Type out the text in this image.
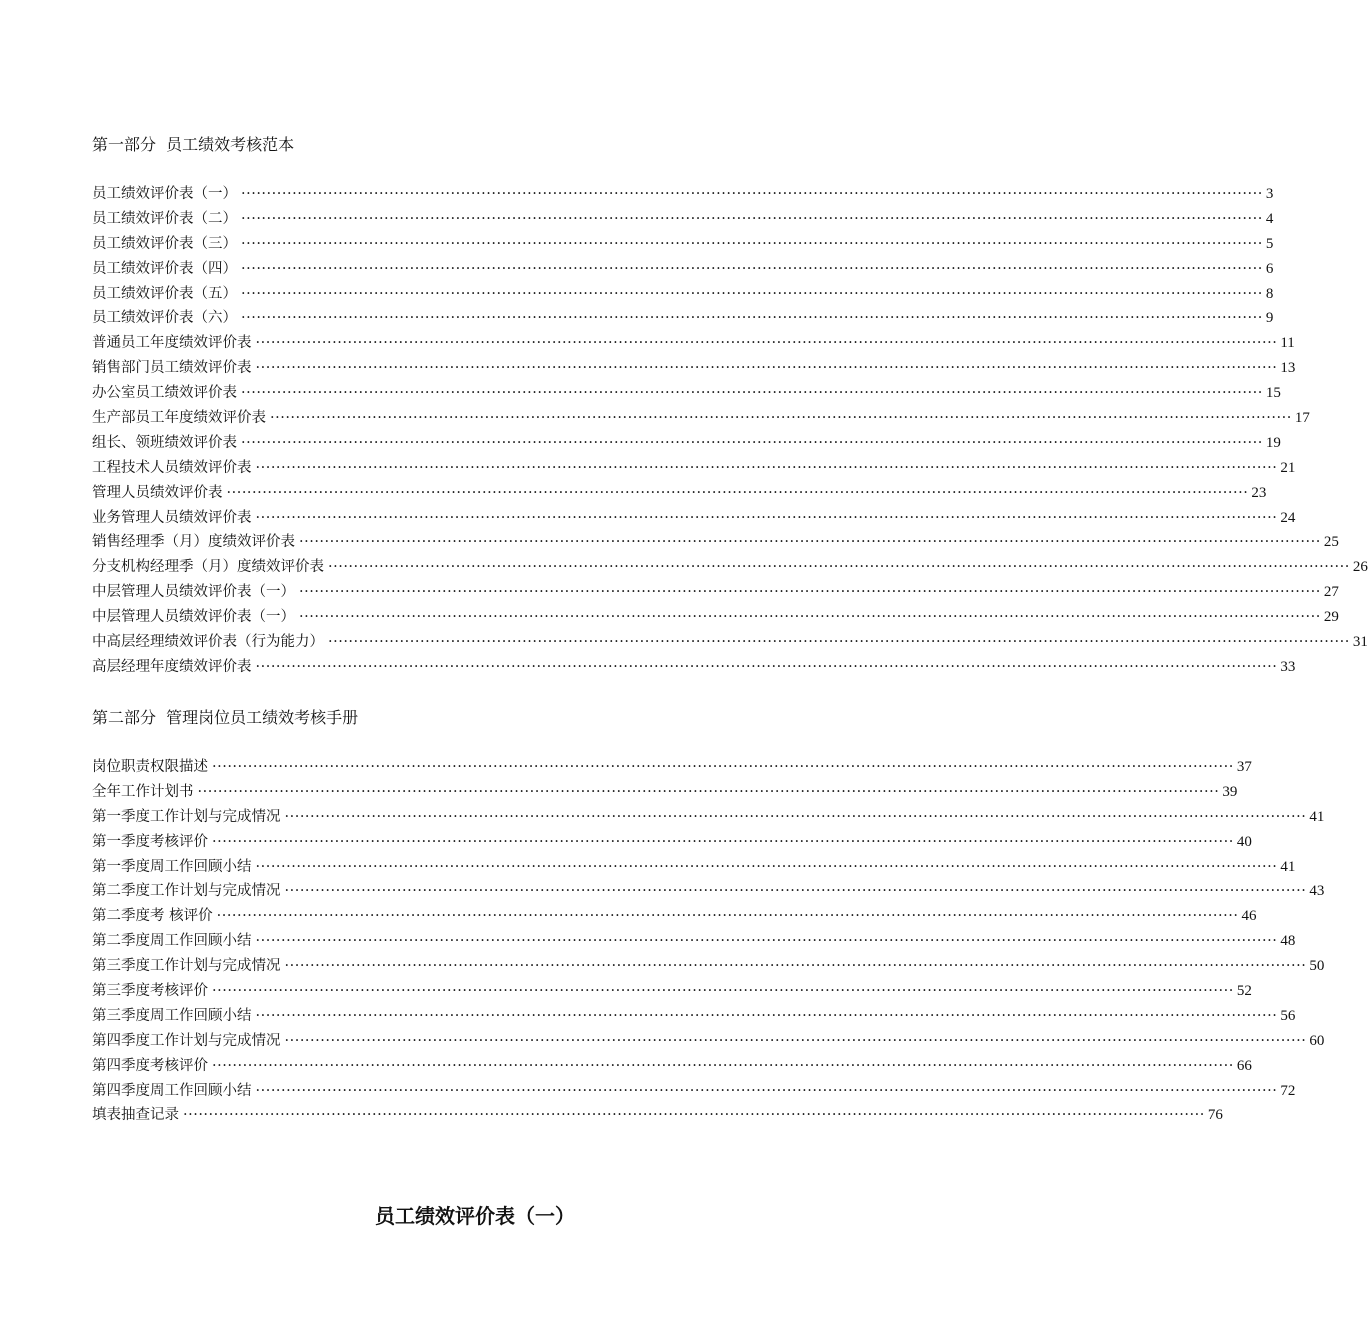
第一部分  员工绩效考核范本
员工绩效评价表（一） ········································································································································································································ 3
员工绩效评价表（二） ········································································································································································································ 4
员工绩效评价表（三） ········································································································································································································ 5
员工绩效评价表（四） ········································································································································································································ 6
员工绩效评价表（五） ········································································································································································································ 8
员工绩效评价表（六） ········································································································································································································ 9
普通员工年度绩效评价表 ········································································································································································································ 11
销售部门员工绩效评价表 ········································································································································································································ 13
办公室员工绩效评价表 ········································································································································································································ 15
生产部员工年度绩效评价表 ········································································································································································································ 17
组长、领班绩效评价表 ········································································································································································································ 19
工程技术人员绩效评价表 ········································································································································································································ 21
管理人员绩效评价表 ········································································································································································································ 23
业务管理人员绩效评价表 ········································································································································································································ 24
销售经理季（月）度绩效评价表 ········································································································································································································ 25
分支机构经理季（月）度绩效评价表 ········································································································································································································ 26
中层管理人员绩效评价表（一） ········································································································································································································ 27
中层管理人员绩效评价表（一） ········································································································································································································ 29
中高层经理绩效评价表（行为能力） ········································································································································································································ 31
高层经理年度绩效评价表 ········································································································································································································ 33
第二部分  管理岗位员工绩效考核手册
岗位职责权限描述 ········································································································································································································ 37
全年工作计划书 ········································································································································································································ 39
第一季度工作计划与完成情况 ········································································································································································································ 41
第一季度考核评价 ········································································································································································································ 40
第一季度周工作回顾小结 ········································································································································································································ 41
第二季度工作计划与完成情况 ········································································································································································································ 43
第二季度考 核评价 ········································································································································································································ 46
第二季度周工作回顾小结 ········································································································································································································ 48
第三季度工作计划与完成情况 ········································································································································································································ 50
第三季度考核评价 ········································································································································································································ 52
第三季度周工作回顾小结 ········································································································································································································ 56
第四季度工作计划与完成情况 ········································································································································································································ 60
第四季度考核评价 ········································································································································································································ 66
第四季度周工作回顾小结 ········································································································································································································ 72
填表抽查记录 ········································································································································································································ 76
员工绩效评价表（一）
